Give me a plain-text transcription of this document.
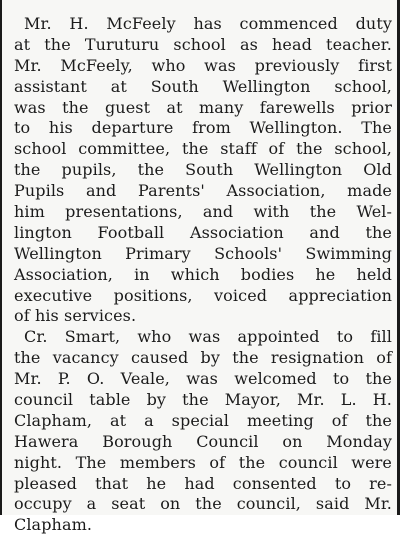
Mr. H. McFeely has commenced duty
at the Turuturu school as head teacher.
Mr. McFeely, who was previously first
assistant at South Wellington school,
was the guest at many farewells prior
to his departure from Wellington. The
school committee, the staff of the school,
the pupils, the South Wellington Old
Pupils and Parents' Association, made
him presentations, and with the Wel-
lington Football Association and the
Wellington Primary Schools' Swimming
Association, in which bodies he held
executive positions, voiced appreciation
of his services.
Cr. Smart, who was appointed to fill
the vacancy caused by the resignation of
Mr. P. O. Veale, was welcomed to the
council table by the Mayor, Mr. L. H.
Clapham, at a special meeting of the
Hawera Borough Council on Monday
night. The members of the council were
pleased that he had consented to re-
occupy a seat on the council, said Mr.
Clapham.
